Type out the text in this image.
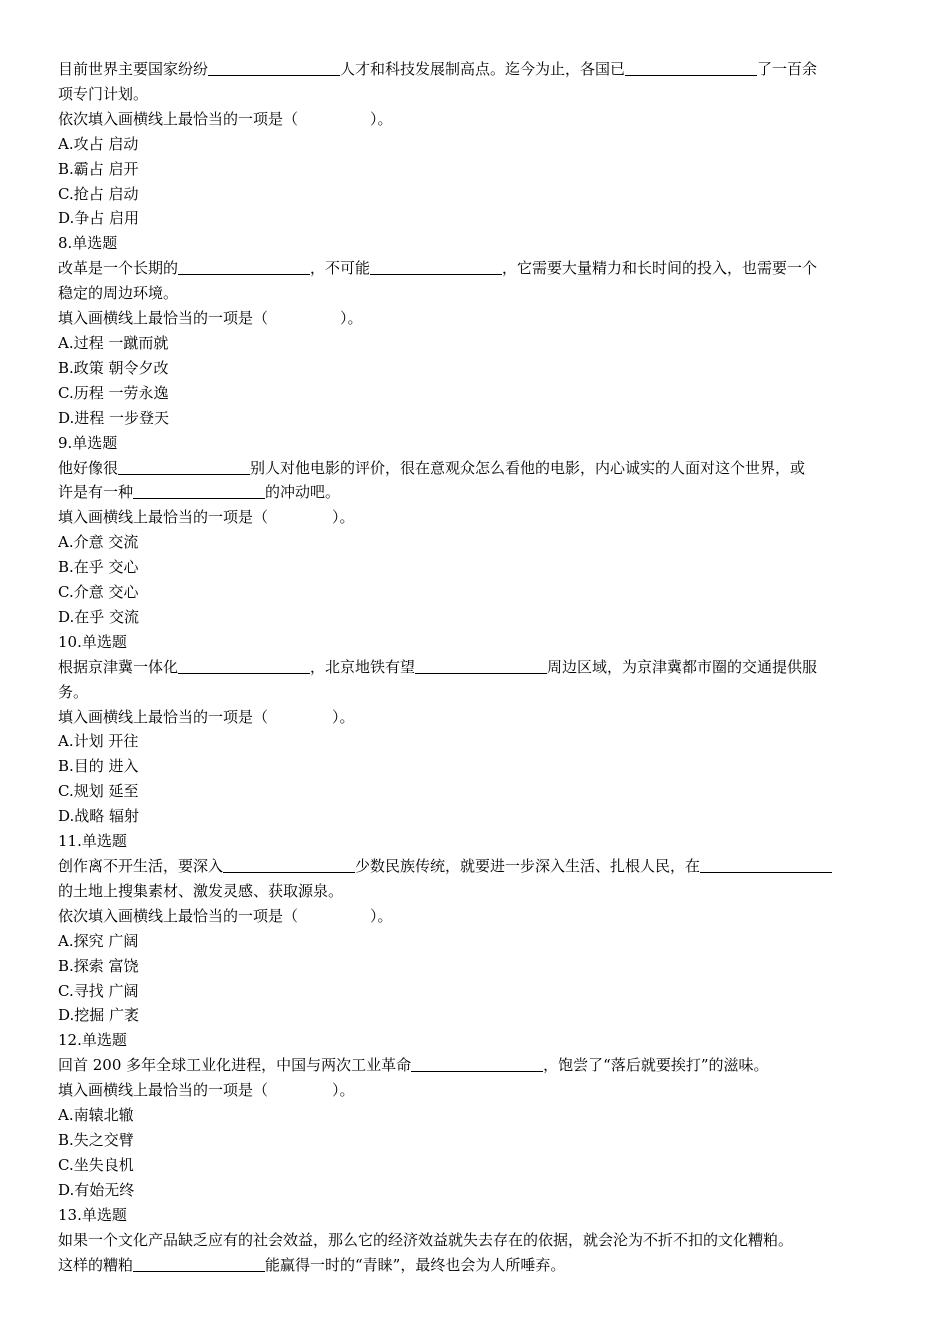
目前世界主要国家纷纷	人才和科技发展制高点。迄今为止，各国已	了一百余
项专门计划。
依次填入画横线上最恰当的一项是（	）。
A.攻占 启动
B.霸占 启开
C.抢占 启动
D.争占 启用
8.单选题
改革是一个长期的	，不可能	，它需要大量精力和长时间的投入，也需要一个
稳定的周边环境。
填入画横线上最恰当的一项是（	）。
A.过程 一蹴而就
B.政策 朝令夕改
C.历程 一劳永逸
D.进程 一步登天
9.单选题
他好像很	别人对他电影的评价，很在意观众怎么看他的电影，内心诚实的人面对这个世界，或
许是有一种	的冲动吧。
填入画横线上最恰当的一项是（	）。
A.介意 交流
B.在乎 交心
C.介意 交心
D.在乎 交流
10.单选题
根据京津冀一体化	，北京地铁有望	周边区域，为京津冀都市圈的交通提供服
务。
填入画横线上最恰当的一项是（	）。
A.计划 开往
B.目的 进入
C.规划 延至
D.战略 辐射
11.单选题
创作离不开生活，要深入	少数民族传统，就要进一步深入生活、扎根人民，在
的土地上搜集素材、激发灵感、获取源泉。
依次填入画横线上最恰当的一项是（	）。
A.探究 广阔
B.探索 富饶
C.寻找 广阔
D.挖掘 广袤
12.单选题
回首 200 多年全球工业化进程，中国与两次工业革命	，饱尝了“落后就要挨打”的滋味。
填入画横线上最恰当的一项是（	）。
A.南辕北辙
B.失之交臂
C.坐失良机
D.有始无终
13.单选题
如果一个文化产品缺乏应有的社会效益，那么它的经济效益就失去存在的依据，就会沦为不折不扣的文化糟粕。
这样的糟粕	能赢得一时的“青睐”，最终也会为人所唾弃。
